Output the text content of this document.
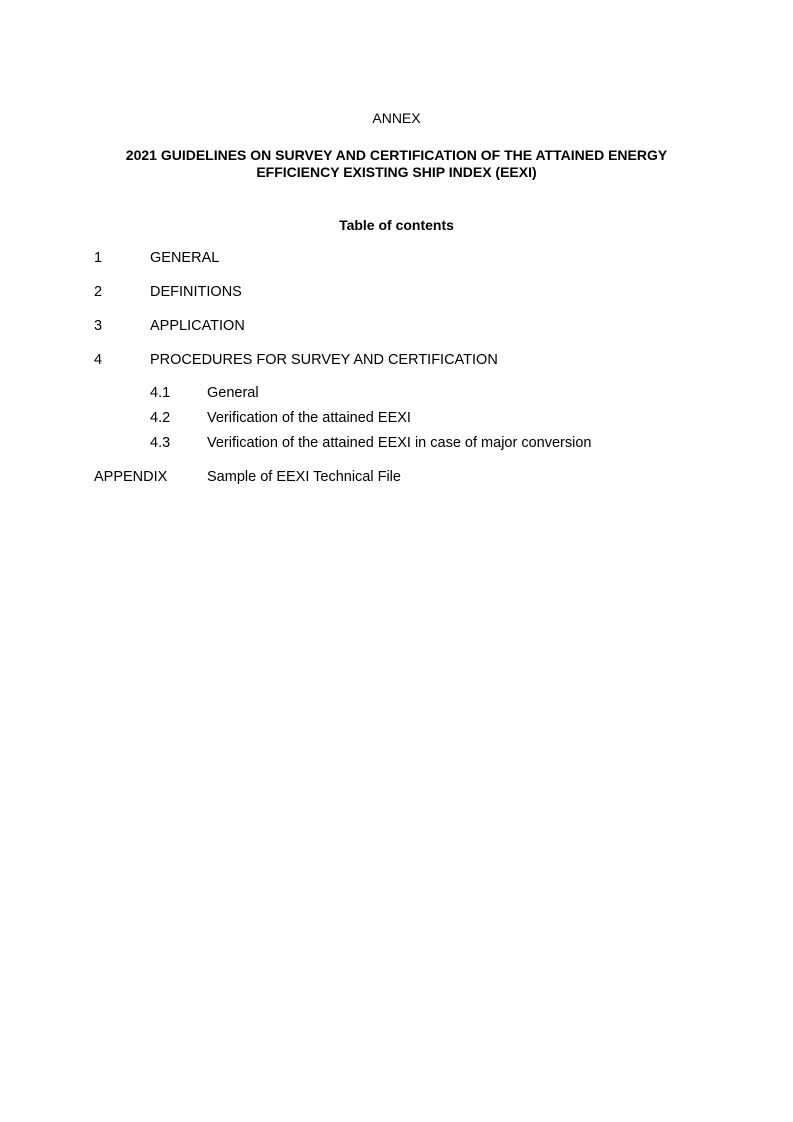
ANNEX
2021 GUIDELINES ON SURVEY AND CERTIFICATION OF THE ATTAINED ENERGY
EFFICIENCY EXISTING SHIP INDEX (EEXI)
Table of contents
1	GENERAL
2	DEFINITIONS
3	APPLICATION
4	PROCEDURES FOR SURVEY AND CERTIFICATION
4.1	General
4.2	Verification of the attained EEXI
4.3	Verification of the attained EEXI in case of major conversion
APPENDIX	Sample of EEXI Technical File
